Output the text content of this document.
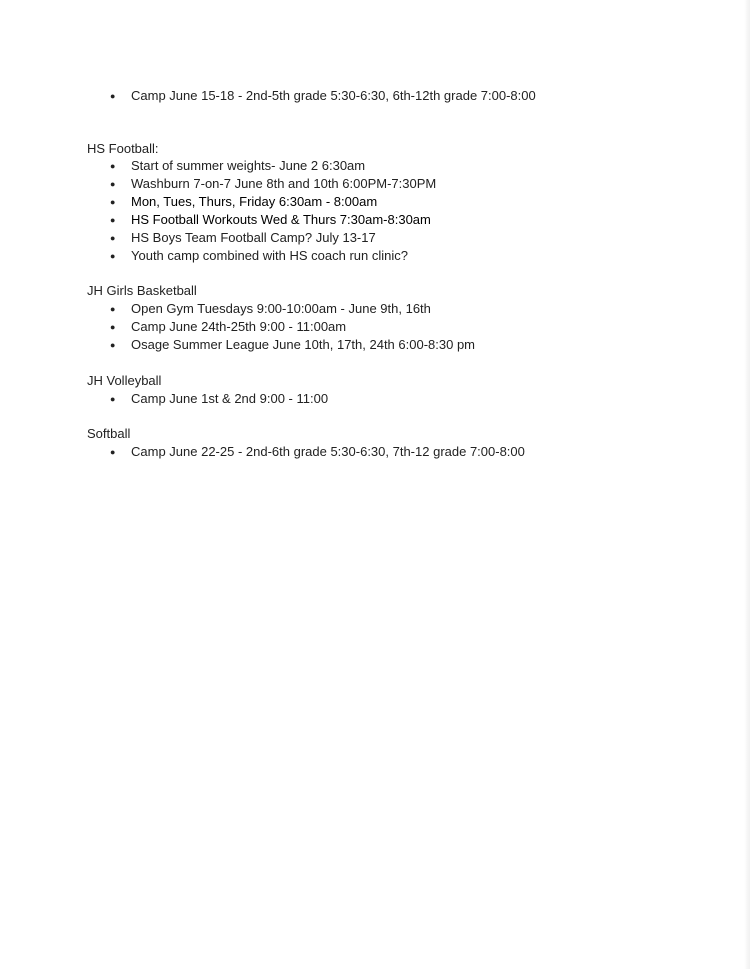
● Camp June 15-18 - 2nd-5th grade 5:30-6:30, 6th-12th grade 7:00-8:00
HS Football:
● Start of summer weights- June 2 6:30am
● Washburn 7-on-7 June 8th and 10th 6:00PM-7:30PM
● Mon, Tues, Thurs, Friday 6:30am - 8:00am
● HS Football Workouts Wed & Thurs 7:30am-8:30am
● HS Boys Team Football Camp? July 13-17
● Youth camp combined with HS coach run clinic?
JH Girls Basketball
● Open Gym Tuesdays 9:00-10:00am - June 9th, 16th
● Camp June 24th-25th 9:00 - 11:00am
● Osage Summer League June 10th, 17th, 24th 6:00-8:30 pm
JH Volleyball
● Camp June 1st & 2nd 9:00 - 11:00
Softball
● Camp June 22-25 - 2nd-6th grade 5:30-6:30, 7th-12 grade 7:00-8:00
